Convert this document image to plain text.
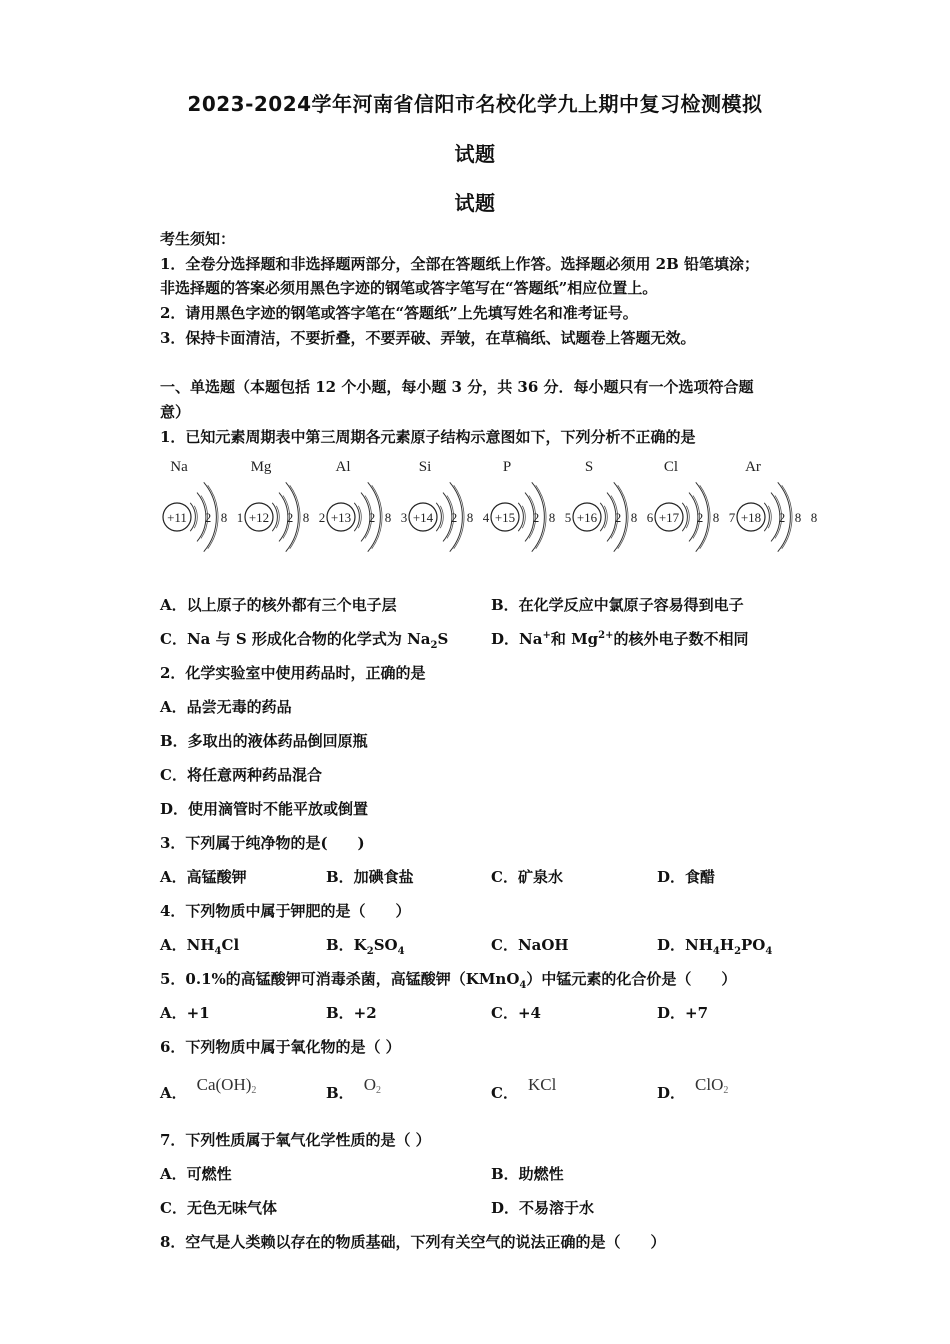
2023-2024学年河南省信阳市名校化学九上期中复习检测模拟
试题
试题
考生须知：
1．全卷分选择题和非选择题两部分，全部在答题纸上作答。选择题必须用 2B 铅笔填涂；
非选择题的答案必须用黑色字迹的钢笔或答字笔写在“答题纸”相应位置上。
2．请用黑色字迹的钢笔或答字笔在“答题纸”上先填写姓名和准考证号。
3．保持卡面清洁，不要折叠，不要弄破、弄皱，在草稿纸、试题卷上答题无效。
一、单选题（本题包括 12 个小题，每小题 3 分，共 36 分．每小题只有一个选项符合题
意）
1．已知元素周期表中第三周期各元素原子结构示意图如下，下列分析不正确的是
Na
+11 2 8 1
Mg
+12 2 8 2
Al
+13 2 8 3
Si
+14 2 8 4
P
+15 2 8 5
S
+16 2 8 6
Cl
+17 2 8 7
Ar
+18 2 8 8
A．以上原子的核外都有三个电子层	B．在化学反应中氯原子容易得到电子
C．Na 与 S 形成化合物的化学式为 $Na_2S$	D．Na+和 $Mg^{2+}$的核外电子数不相同
2．化学实验室中使用药品时，正确的是
A．品尝无毒的药品
B．多取出的液体药品倒回原瓶
C．将任意两种药品混合
D．使用滴管时不能平放或倒置
3．下列属于纯净物的是(　　)
A．高锰酸钾	B．加碘食盐	C．矿泉水	D．食醋
4．下列物质中属于钾肥的是（　　）
A．$NH_4Cl$	B．$K_2SO_4$	C．NaOH	D．$NH_4H_2PO_4$
5．0.1%的高锰酸钾可消毒杀菌，高锰酸钾（KMnO$_4$）中锰元素的化合价是（　　）
A．+1	B．+2	C．+4	D．+7
6．下列物质中属于氧化物的是（ ）
A． Ca(OH)2	B． O2	C． KCl	D． ClO2
7．下列性质属于氧气化学性质的是（ ）
A．可燃性	B．助燃性
C．无色无味气体	D．不易溶于水
8．空气是人类赖以存在的物质基础，下列有关空气的说法正确的是（　　）
